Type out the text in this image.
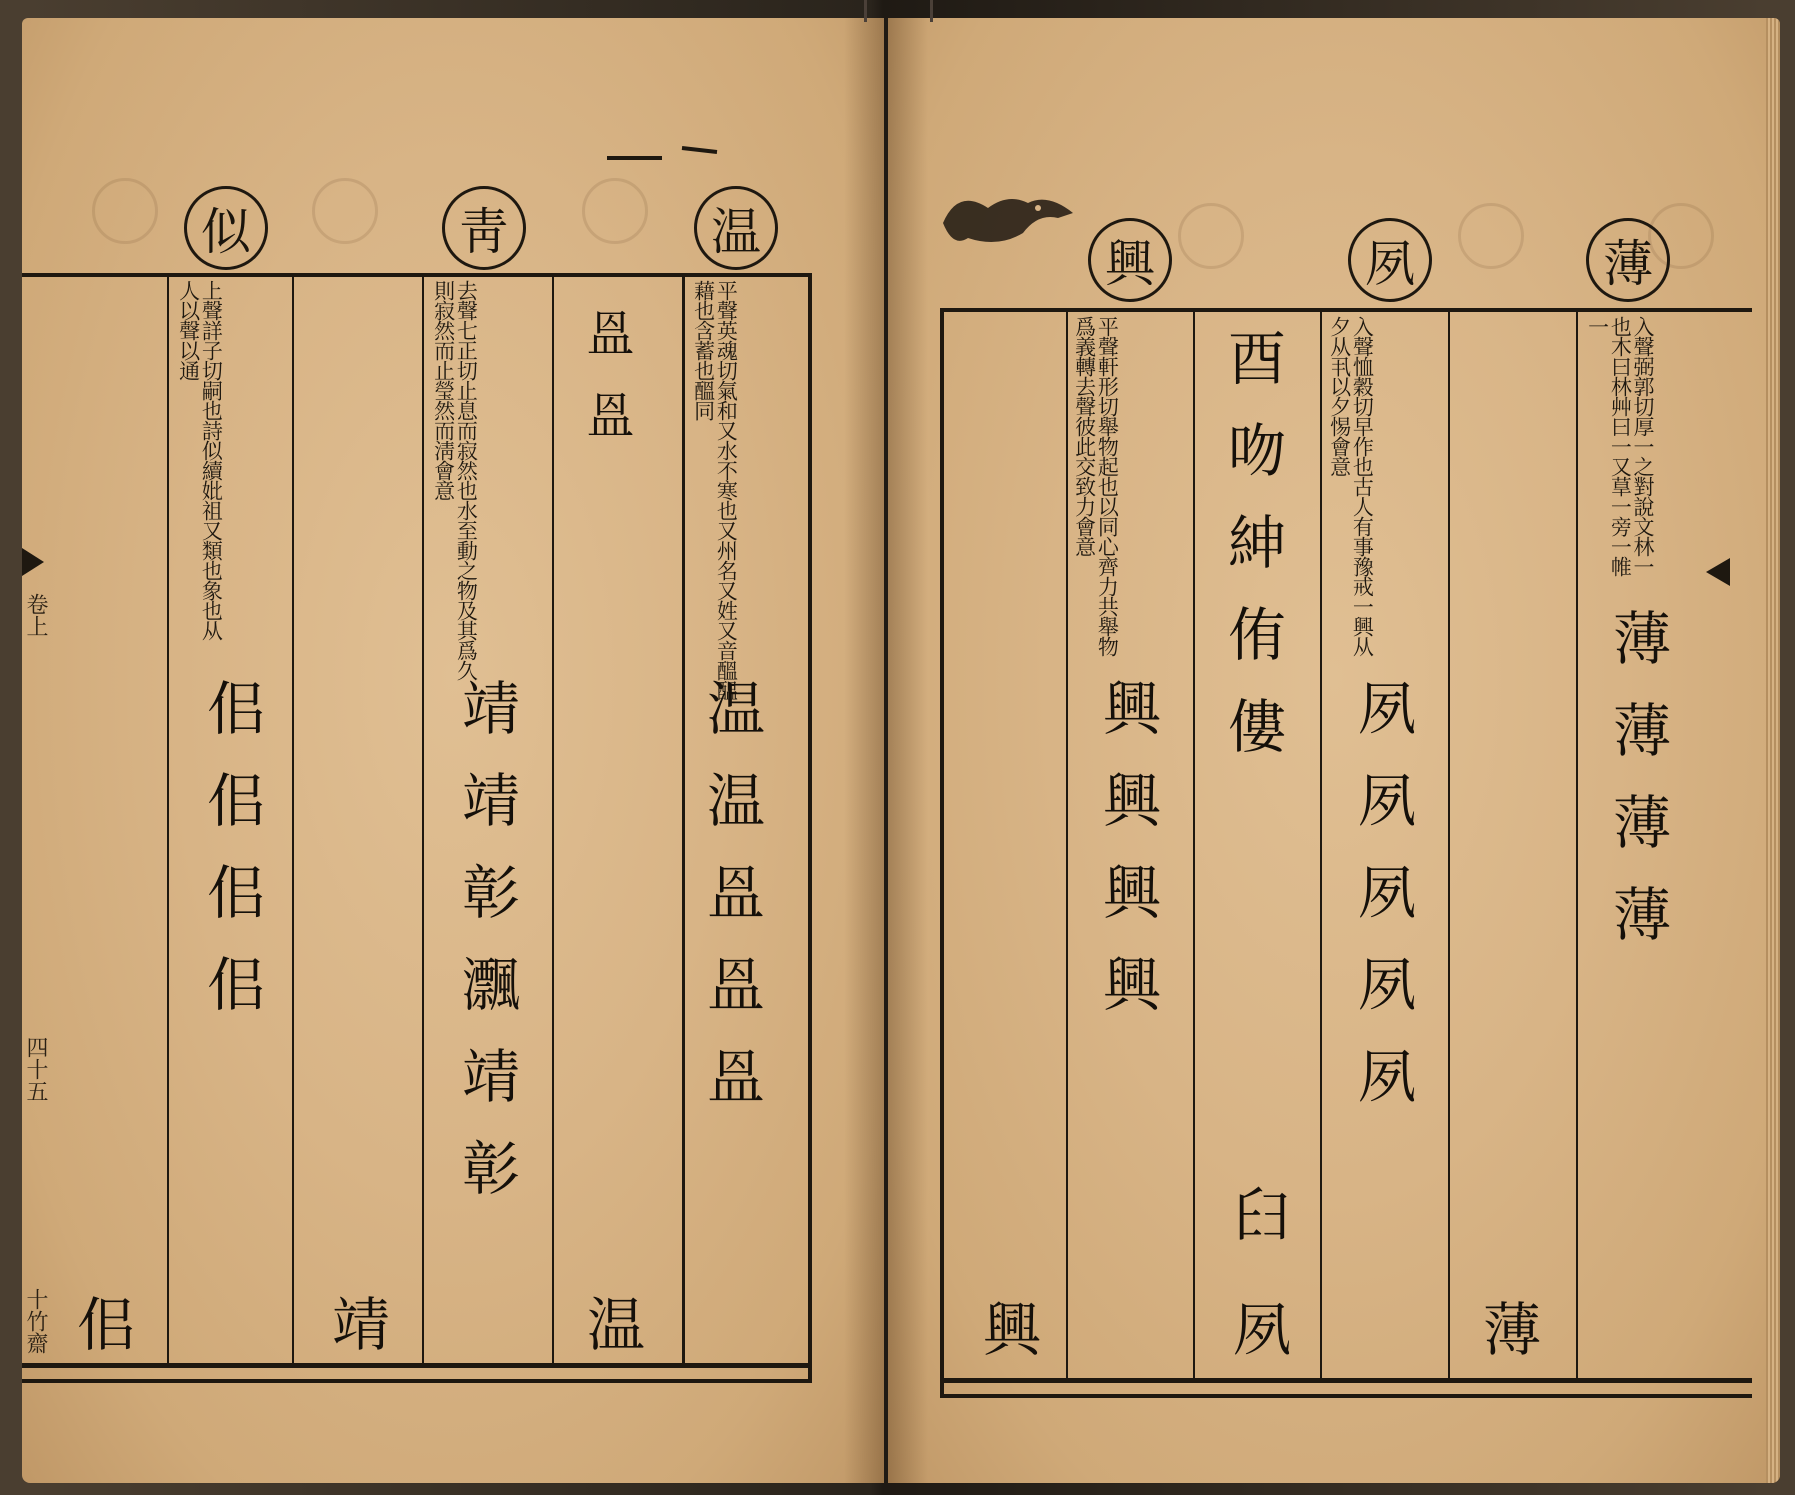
温
靑
似
平聲英魂切氣和又水不寒也又州名又姓又音醞醖藉也含蓄也醞同
𥁕𥁕
温温𥁕𥁕𥁕
温
去聲七正切止息而寂然也水至動之物及其爲久則寂然而止瑩然而淸會意
靖靖彰𤅜靖彰
靖
上聲詳子切嗣也詩似續妣祖又類也象也从人以聲以通
佀佀佀佀
佀
卷上
四十五
十竹齋
薄
夙
興
入聲弼郭切厚一之對說文林一也木曰林艸曰一又䓍一旁一帷一
薄薄薄薄
薄
入聲恤穀切早作也古人有事豫戒一興从夕从丮以夕惕會意
夙夙夙夙夙
夙
平聲軒形切舉物起也以同心齊力共舉物爲義轉去聲彼此交致力會意	酉吻紳侑僂
興興興興
𦥑
興
